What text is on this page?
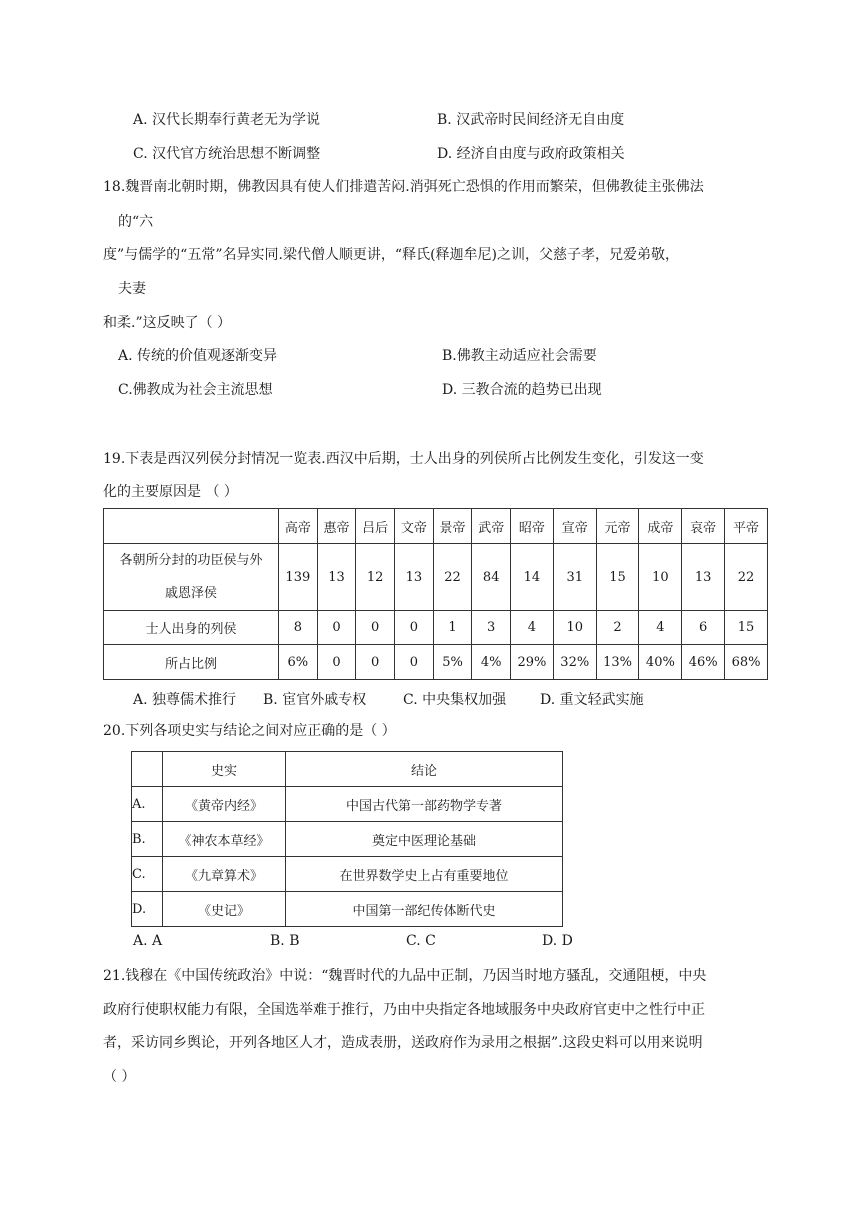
A. 汉代长期奉行黄老无为学说	B. 汉武帝时民间经济无自由度
C. 汉代官方统治思想不断调整	D. 经济自由度与政府政策相关
18.魏晋南北朝时期，佛教因具有使人们排遣苦闷.消弭死亡恐惧的作用而繁荣，但佛教徒主张佛法
的“六
度”与儒学的“五常”名异实同.梁代僧人顺更讲，“释氏(释迦牟尼)之训，父慈子孝，兄爱弟敬，
夫妻
和柔.”这反映了（ ）
A. 传统的价值观逐渐变异	B.佛教主动适应社会需要
C.佛教成为社会主流思想	D. 三教合流的趋势已出现
19.下表是西汉列侯分封情况一览表.西汉中后期，士人出身的列侯所占比例发生变化，引发这一变
化的主要原因是 （ ）
	高帝	惠帝	吕后	文帝	景帝	武帝	昭帝	宣帝	元帝	成帝	哀帝	平帝
各朝所分封的功臣侯与外戚恩泽侯	139	13	12	13	22	84	14	31	15	10	13	22
士人出身的列侯	8	0	0	0	1	3	4	10	2	4	6	15
所占比例	6%	0	0	0	5%	4%	29%	32%	13%	40%	46%	68%
A. 独尊儒术推行 B. 宦官外戚专权	C. 中央集权加强 D. 重文轻武实施
20.下列各项史实与结论之间对应正确的是（ ）
	史实	结论
A.	《黄帝内经》	中国古代第一部药物学专著
B.	《神农本草经》	奠定中医理论基础
C.	《九章算术》	在世界数学史上占有重要地位
D.	《史记》	中国第一部纪传体断代史
A. A	B. B	C. C	D. D
21.钱穆在《中国传统政治》中说：“魏晋时代的九品中正制，乃因当时地方骚乱，交通阻梗，中央
政府行使职权能力有限，全国选举难于推行，乃由中央指定各地域服务中央政府官吏中之性行中正
者，采访同乡舆论，开列各地区人才，造成表册，送政府作为录用之根据”.这段史料可以用来说明
（ ）
